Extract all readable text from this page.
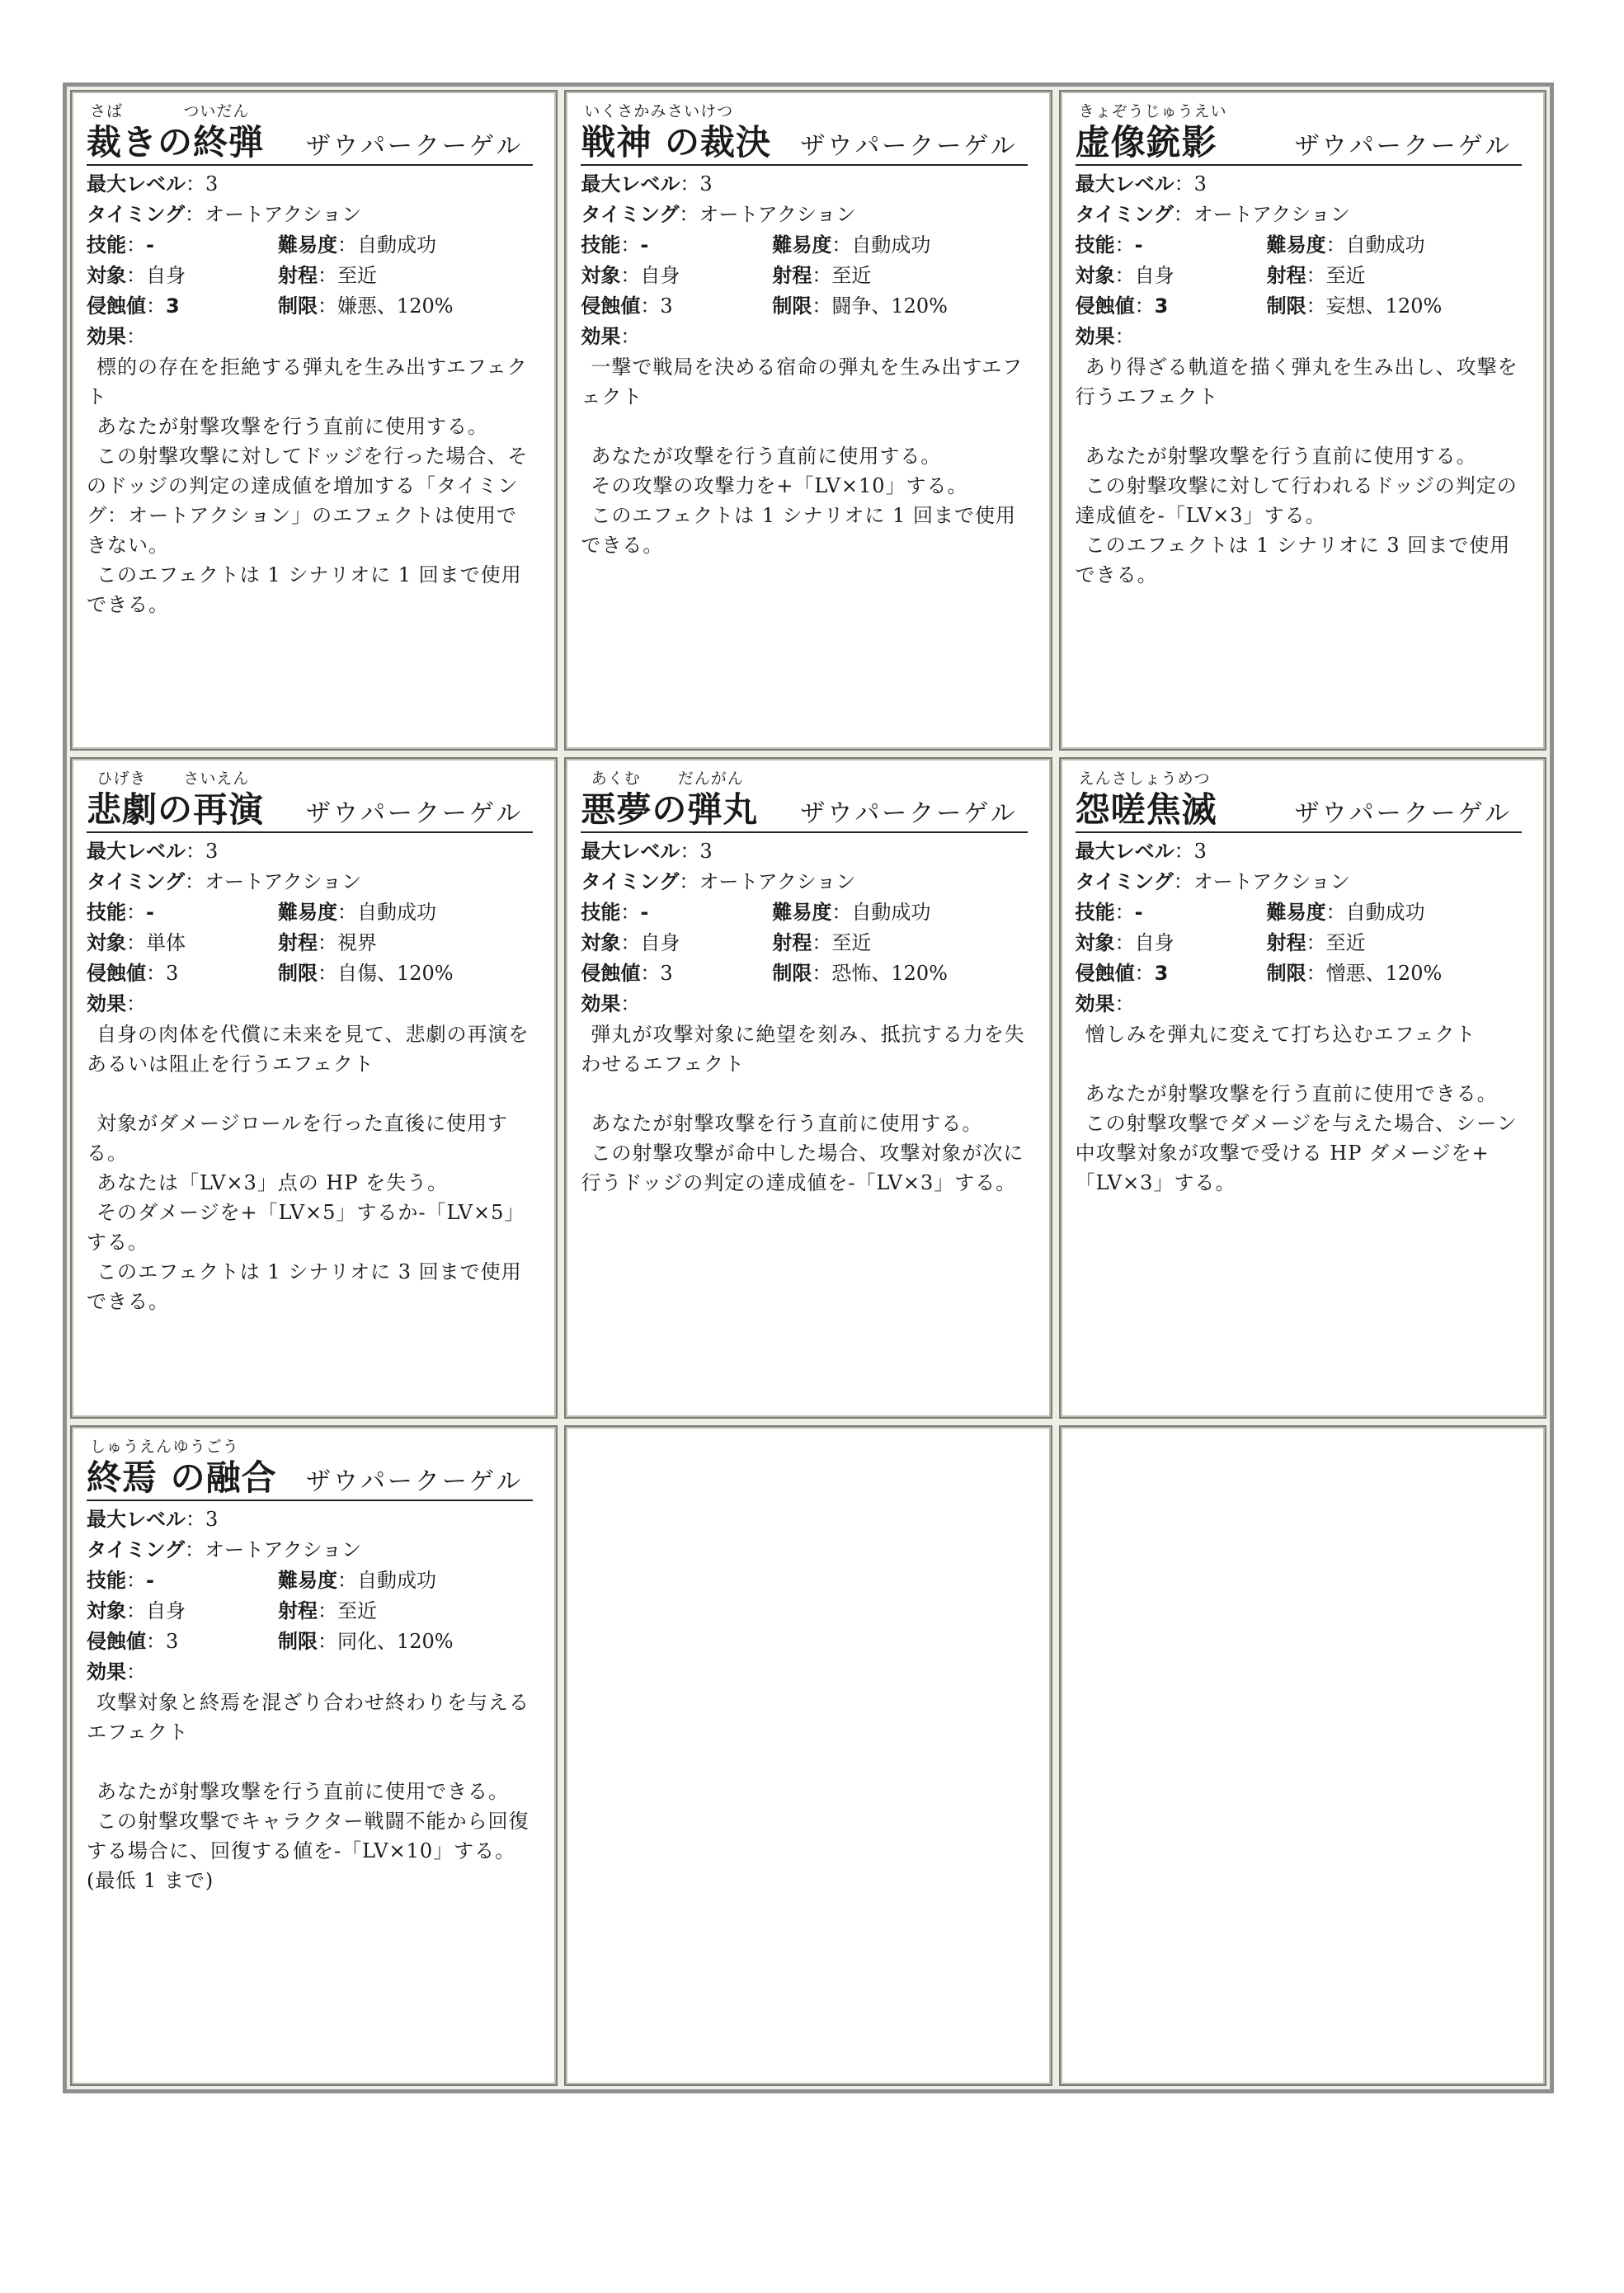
裁きの終弾
さば	ついだん
ザウパークーゲル
最大レベル ： 3
タイミング ： オートアクション
技能：-	難易度：自動成功
対象：自身	射程：至近
侵蝕値：3	制限：嫌悪、120%
効果 ：

標的の存在を拒絶する弾丸を生み出すエフェクト

あなたが射撃攻撃を行う直前に使用する。

この射撃攻撃に対してドッジを行った場合、そのドッジの判定の達成値を増加する「タイミング：オートアクション」のエフェクトは使用できない。

このエフェクトは 1 シナリオに 1 回まで使用できる。

戦神 の裁決
いくさかみ さいけつ
ザウパークーゲル
最大レベル ： 3
タイミング ： オートアクション
技能：-	難易度：自動成功
対象：自身	射程：至近
侵蝕値：3	制限：闘争、120%
効果 ：

一撃で戦局を決める宿命の弾丸を生み出すエフェクト

あなたが攻撃を行う直前に使用する。

その攻撃の攻撃力を+「LV×10」する。

このエフェクトは 1 シナリオに 1 回まで使用できる。

虚像銃影
きょぞうじゅうえい
ザウパークーゲル
最大レベル ： 3
タイミング ： オートアクション
技能：-	難易度：自動成功
対象：自身	射程：至近
侵蝕値：3	制限：妄想、120%
効果 ：

あり得ざる軌道を描く弾丸を生み出し、攻撃を行うエフェクト

あなたが射撃攻撃を行う直前に使用する。

この射撃攻撃に対して行われるドッジの判定の達成値を-「LV×3」する。

このエフェクトは 1 シナリオに 3 回まで使用できる。

悲劇の再演
ひげき さいえん
ザウパークーゲル
最大レベル ： 3
タイミング ： オートアクション
技能：-	難易度：自動成功
対象：単体	射程：視界
侵蝕値：3	制限：自傷、120%
効果 ：

自身の肉体を代償に未来を見て、悲劇の再演をあるいは阻止を行うエフェクト

対象がダメージロールを行った直後に使用する。

あなたは「LV×3」点の HP を失う。

そのダメージを+「LV×5」するか-「LV×5」する。

このエフェクトは 1 シナリオに 3 回まで使用できる。

悪夢の弾丸
あくむ だんがん
ザウパークーゲル
最大レベル ： 3
タイミング ： オートアクション
技能：-	難易度：自動成功
対象：自身	射程：至近
侵蝕値：3	制限：恐怖、120%
効果 ：

弾丸が攻撃対象に絶望を刻み、抵抗する力を失わせるエフェクト

あなたが射撃攻撃を行う直前に使用する。

この射撃攻撃が命中した場合、攻撃対象が次に行うドッジの判定の達成値を-「LV×3」する。

怨嗟焦滅
えんさしょうめつ
ザウパークーゲル
最大レベル ： 3
タイミング ： オートアクション
技能：-	難易度：自動成功
対象：自身	射程：至近
侵蝕値：3	制限：憎悪、120%
効果 ：

憎しみを弾丸に変えて打ち込むエフェクト

あなたが射撃攻撃を行う直前に使用できる。

この射撃攻撃でダメージを与えた場合、シーン中攻撃対象が攻撃で受ける HP ダメージを+「LV×3」する。

終焉 の融合
しゅうえん ゆうごう
ザウパークーゲル
最大レベル ： 3
タイミング ： オートアクション
技能：-	難易度：自動成功
対象：自身	射程：至近
侵蝕値：3	制限：同化、120%
効果 ：

攻撃対象と終焉を混ざり合わせ終わりを与えるエフェクト

あなたが射撃攻撃を行う直前に使用できる。

この射撃攻撃でキャラクター戦闘不能から回復する場合に、回復する値を-「LV×10」する。(最低 1 まで)
